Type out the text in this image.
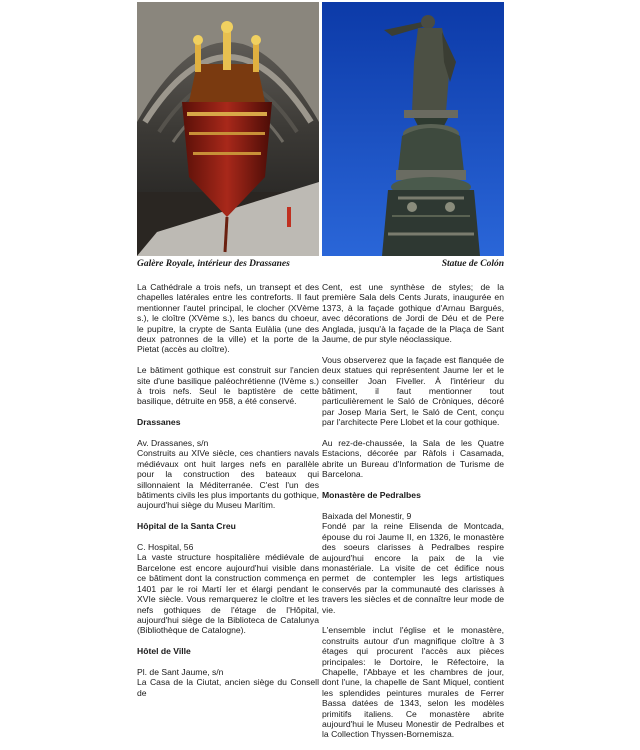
Galère Royale, intérieur des Drassanes	Statue de Colón

La Cathédrale a trois nefs, un transept et des chapelles latérales entre les contreforts. Il faut mentionner l'autel principal, le clocher (XVème s.), le cloître (XVème s.), les bancs du choeur, le pupitre, la crypte de Santa Eulàlia (une des deux patronnes de la ville) et la porte de la Pietat (accès au cloître).

Le bâtiment gothique est construit sur l'ancien site d'une basilique paléochrétienne (IVème s.) à trois nefs. Seul le baptistère de cette basilique, détruite en 958, a été conservé.

Drassanes

Av. Drassanes, s/n
Construits au XIVe siècle, ces chantiers navals médiévaux ont huit larges nefs en parallèle pour la construction des bateaux qui sillonnaient la Méditerranée. C'est l'un des bâtiments civils les plus importants du gothique, aujourd'hui siège du Museu Marítim.

Hôpital de la Santa Creu

C. Hospital, 56
La vaste structure hospitalière médiévale de Barcelone est encore aujourd'hui visible dans ce bâtiment dont la construction commença en 1401 par le roi Martí Ier et élargi pendant le XVIe siècle. Vous remarquerez le cloître et les nefs gothiques de l'étage de l'Hôpital, aujourd'hui siège de la Biblioteca de Catalunya (Bibliothèque de Catalogne).

Hôtel de Ville

Pl. de Sant Jaume, s/n
La Casa de la Ciutat, ancien siège du Consell de

Cent, est une synthèse de styles; de la première Sala dels Cents Jurats, inaugurée en 1373, à la façade gothique d'Arnau Bargués, avec décorations de Jordi de Déu et de Pere Anglada, jusqu'à la façade de la Plaça de Sant Jaume, de pur style néoclassique.

Vous observerez que la façade est flanquée de deux statues qui représentent Jaume Ier et le conseiller Joan Fiveller. À l'intérieur du bâtiment, il faut mentionner tout particulièrement le Saló de Cròniques, décoré par Josep Maria Sert, le Saló de Cent, conçu par l'architecte Pere Llobet et la cour gothique.

Au rez-de-chaussée, la Sala de les Quatre Estacions, décorée par Ràfols i Casamada, abrite un Bureau d'Information de Turisme de Barcelona.

Monastère de Pedralbes

Baixada del Monestir, 9
Fondé par la reine Elisenda de Montcada, épouse du roi Jaume II, en 1326, le monastère des soeurs clarisses à Pedralbes respire aujourd'hui encore la paix de la vie monastériale. La visite de cet édifice nous permet de contempler les legs artistiques conservés par la communauté des clarisses à travers les siècles et de connaître leur mode de vie.

L'ensemble inclut l'église et le monastère, construits autour d'un magnifique cloître à 3 étages qui procurent l'accès aux pièces principales: le Dortoire, le Réfectoire, la Chapelle, l'Abbaye et les chambres de jour, dont l'une, la chapelle de Sant Miquel, contient les splendides peintures murales de Ferrer Bassa datées de 1343, selon les modèles primitifs italiens. Ce monastère abrite aujourd'hui le Museu Monestir de Pedralbes et la Collection Thyssen-Bornemisza.
